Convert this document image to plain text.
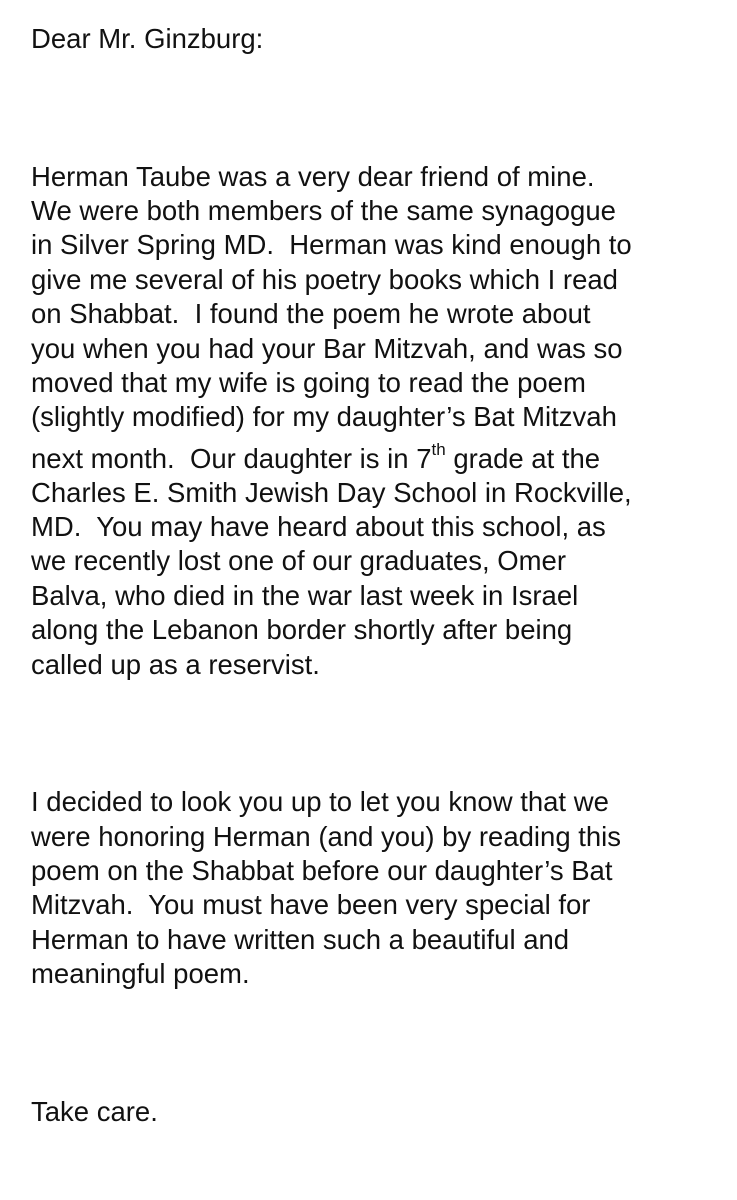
Dear Mr. Ginzburg:
Herman Taube was a very dear friend of mine.
We were both members of the same synagogue
in Silver Spring MD.  Herman was kind enough to
give me several of his poetry books which I read
on Shabbat.  I found the poem he wrote about
you when you had your Bar Mitzvah, and was so
moved that my wife is going to read the poem
(slightly modified) for my daughter’s Bat Mitzvah
next month.  Our daughter is in 7th grade at the
Charles E. Smith Jewish Day School in Rockville,
MD.  You may have heard about this school, as
we recently lost one of our graduates, Omer
Balva, who died in the war last week in Israel
along the Lebanon border shortly after being
called up as a reservist.
I decided to look you up to let you know that we
were honoring Herman (and you) by reading this
poem on the Shabbat before our daughter’s Bat
Mitzvah.  You must have been very special for
Herman to have written such a beautiful and
meaningful poem.
Take care.
